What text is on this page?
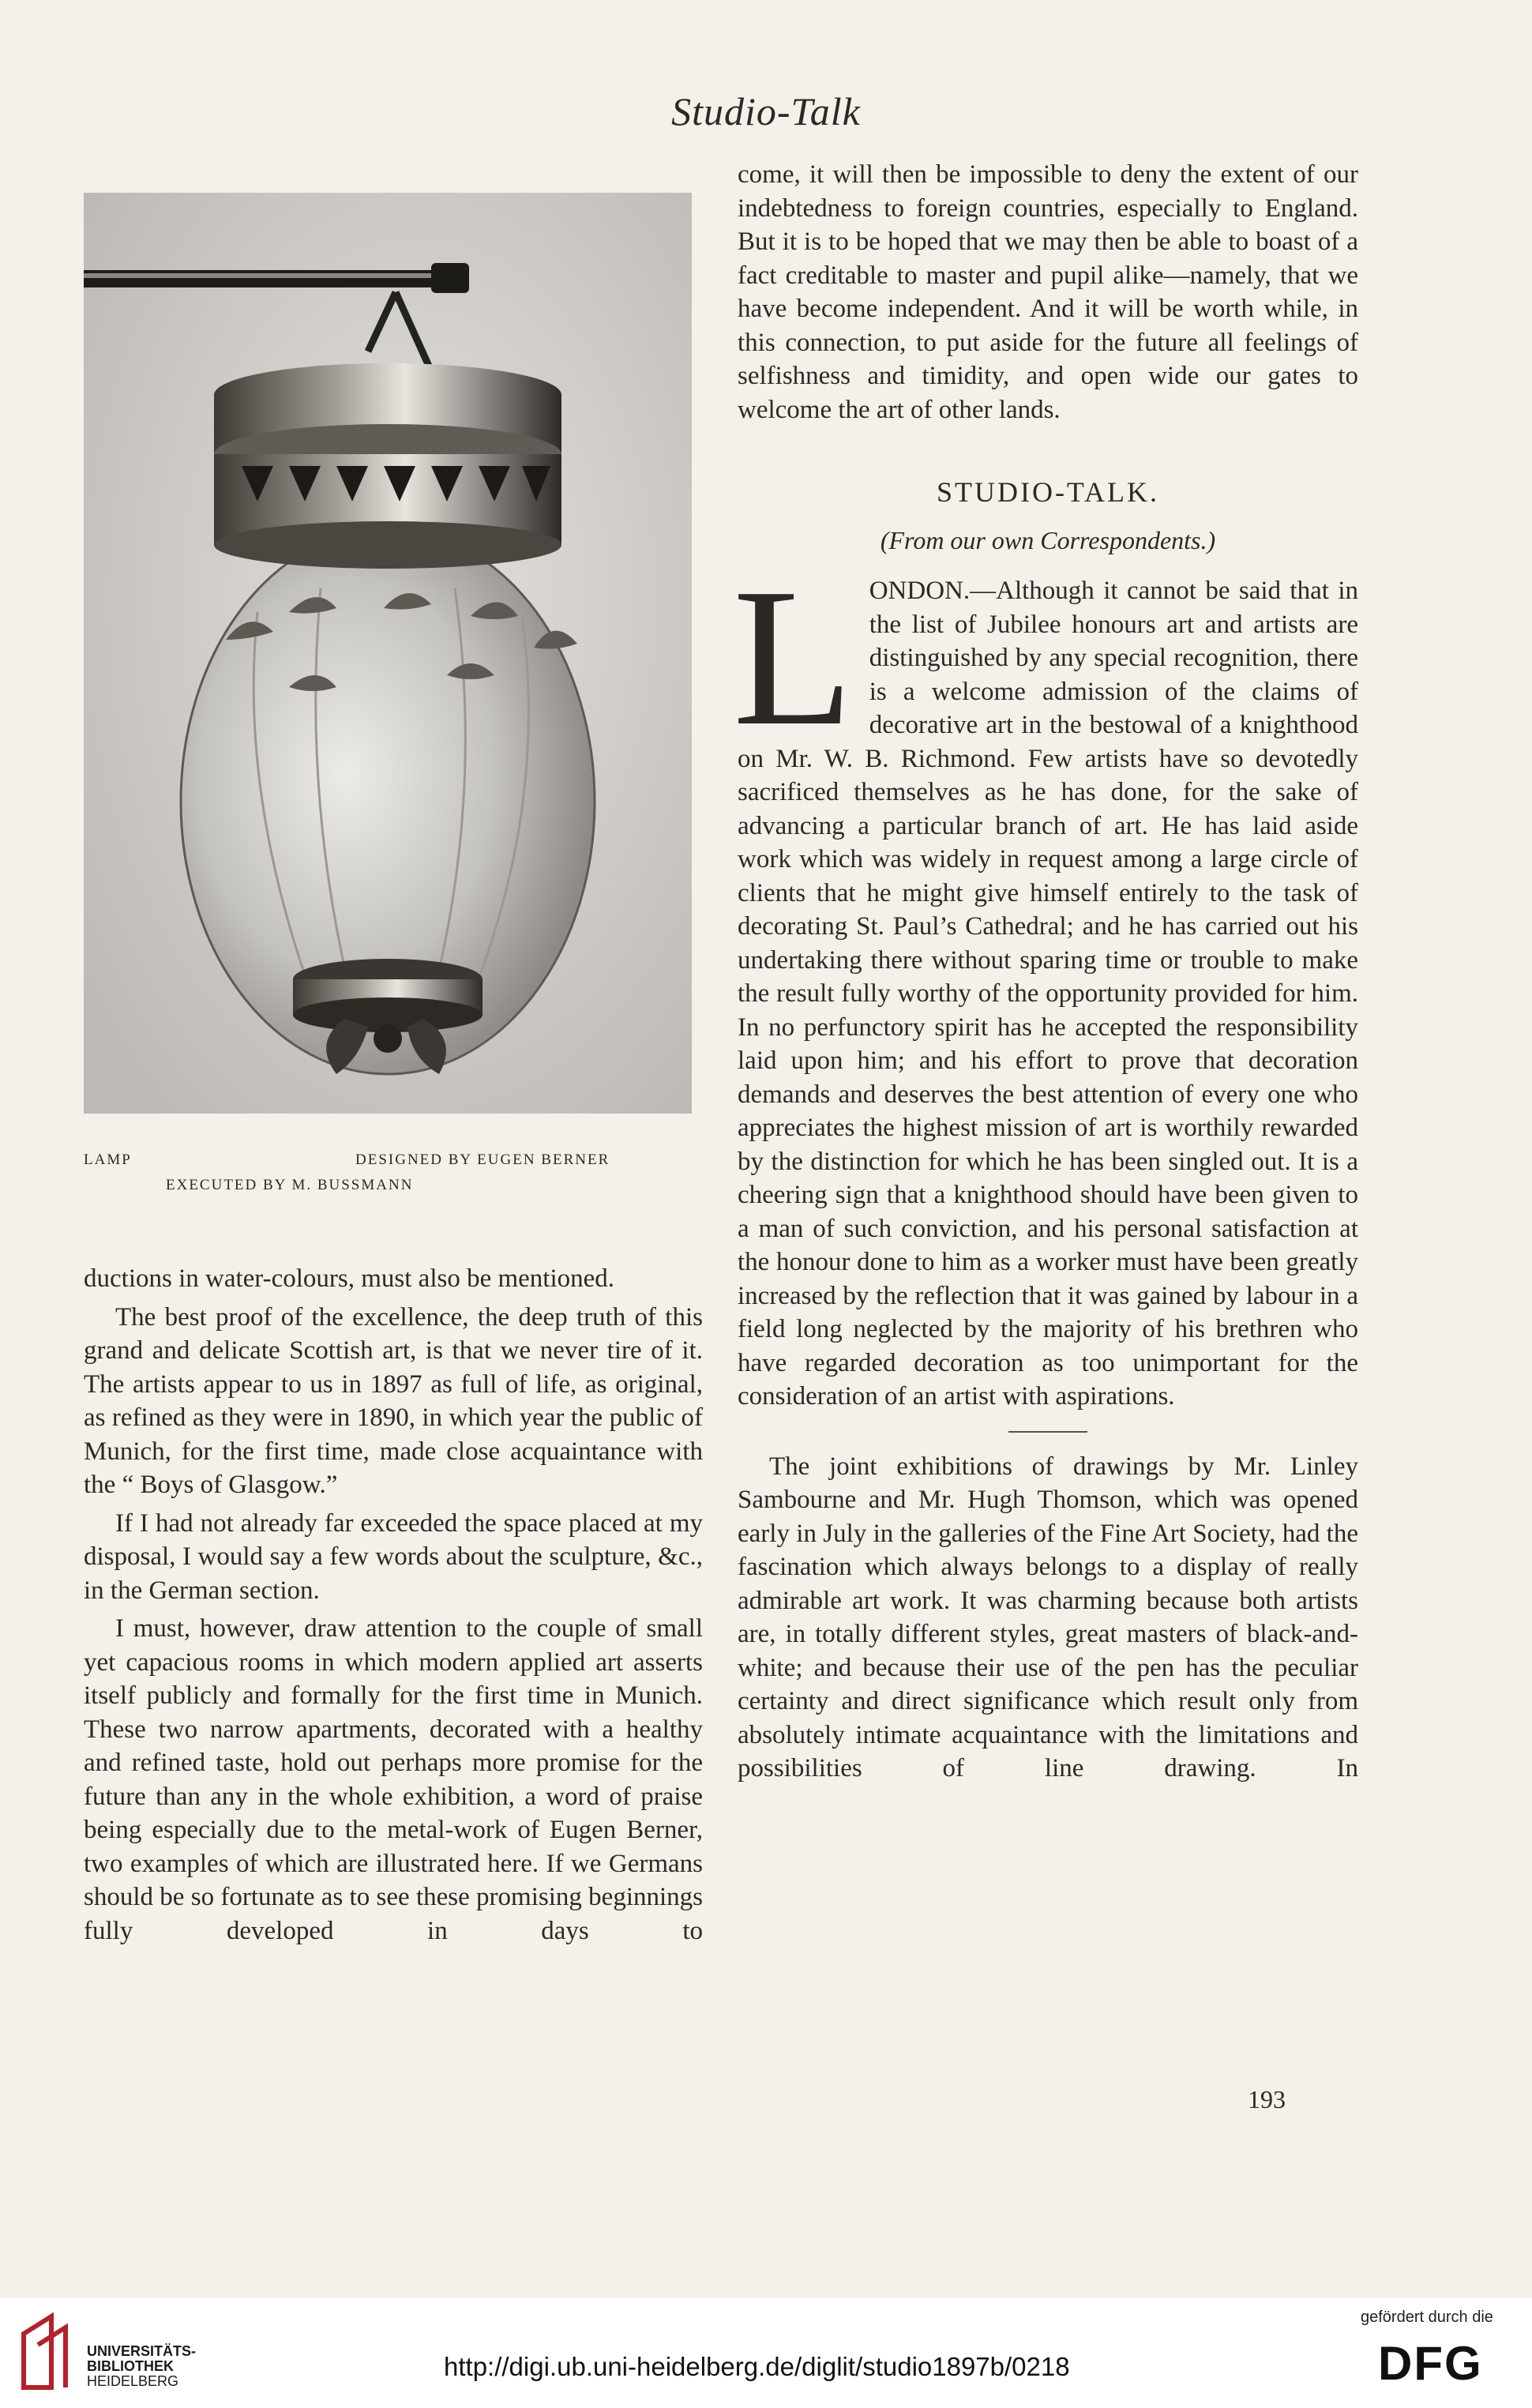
Studio-Talk
LAMP	DESIGNED BY EUGEN BERNER
EXECUTED BY M. BUSSMANN

ductions in water-colours, must also be mentioned.

The best proof of the excellence, the deep truth of this grand and delicate Scottish art, is that we never tire of it. The artists appear to us in 1897 as full of life, as original, as refined as they were in 1890, in which year the public of Munich, for the first time, made close acquaintance with the “ Boys of Glasgow.”

If I had not already far exceeded the space placed at my disposal, I would say a few words about the sculpture, &c., in the German section.

I must, however, draw attention to the couple of small yet capacious rooms in which modern applied art asserts itself publicly and formally for the first time in Munich. These two narrow apartments, decorated with a healthy and refined taste, hold out perhaps more promise for the future than any in the whole exhibition, a word of praise being especially due to the metal-work of Eugen Berner, two examples of which are illustrated here. If we Germans should be so fortunate as to see these promising beginnings fully developed in days to

come, it will then be impossible to deny the extent of our indebtedness to foreign countries, especially to England. But it is to be hoped that we may then be able to boast of a fact creditable to master and pupil alike—namely, that we have become independent. And it will be worth while, in this connection, to put aside for the future all feelings of selfishness and timidity, and open wide our gates to welcome the art of other lands.

STUDIO-TALK.
(From our own Correspondents.)

LONDON.—Although it cannot be said that in the list of Jubilee honours art and artists are distinguished by any special recognition, there is a welcome admission of the claims of decorative art in the bestowal of a knighthood on Mr. W. B. Richmond. Few artists have so devotedly sacrificed themselves as he has done, for the sake of advancing a particular branch of art. He has laid aside work which was widely in request among a large circle of clients that he might give himself entirely to the task of decorating St. Paul’s Cathedral; and he has carried out his undertaking there without sparing time or trouble to make the result fully worthy of the opportunity provided for him. In no perfunctory spirit has he accepted the responsibility laid upon him; and his effort to prove that decoration demands and deserves the best attention of every one who appreciates the highest mission of art is worthily rewarded by the distinction for which he has been singled out. It is a cheering sign that a knighthood should have been given to a man of such conviction, and his personal satisfaction at the honour done to him as a worker must have been greatly increased by the reflection that it was gained by labour in a field long neglected by the majority of his brethren who have regarded decoration as too unimportant for the consideration of an artist with aspirations.

The joint exhibitions of drawings by Mr. Linley Sambourne and Mr. Hugh Thomson, which was opened early in July in the galleries of the Fine Art Society, had the fascination which always belongs to a display of really admirable art work. It was charming because both artists are, in totally different styles, great masters of black-and-white; and because their use of the pen has the peculiar certainty and direct significance which result only from absolutely intimate acquaintance with the limitations and possibilities of line drawing. In

193
UNIVERSITÄTS-
BIBLIOTHEK
HEIDELBERG	http://digi.ub.uni-heidelberg.de/diglit/studio1897b/0218
gefördert durch die
DFG
